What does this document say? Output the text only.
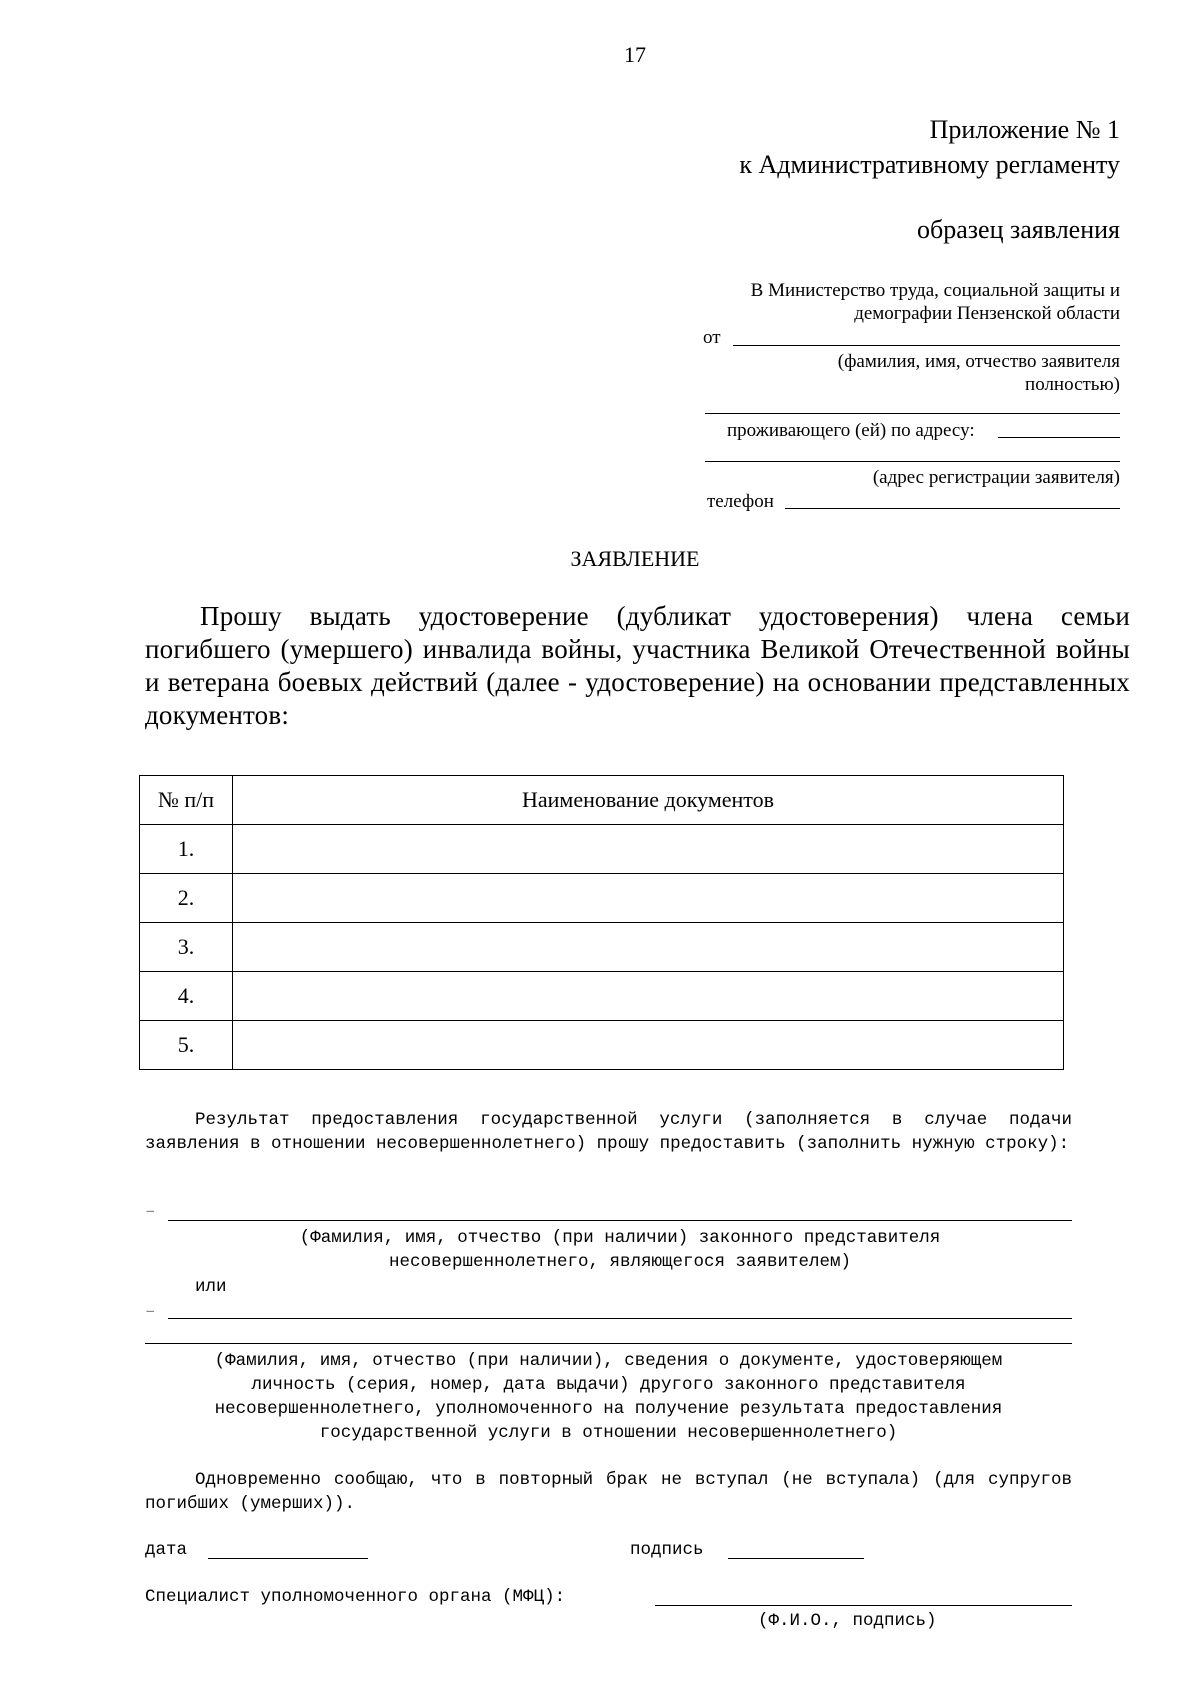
17
Приложение № 1
к Административному регламенту
образец заявления
В Министерство труда, социальной защиты и
демографии Пензенской области
от
(фамилия, имя, отчество заявителя
полностью)
проживающего (ей) по адресу:
(адрес регистрации заявителя)
телефон
ЗАЯВЛЕНИЕ
Прошу выдать удостоверение (дубликат удостоверения) члена семьи погибшего (умершего) инвалида войны, участника Великой Отечественной войны и ветерана боевых действий (далее - удостоверение) на основании представленных документов:
№ п/п	Наименование документов
1.	
2.	
3.	
4.	
5.	
Результат предоставления государственной услуги (заполняется в случае подачи заявления в отношении несовершеннолетнего) прошу предоставить (заполнить нужную строку):
–
(Фамилия, имя, отчество (при наличии) законного представителя
несовершеннолетнего, являющегося заявителем)
или
–
(Фамилия, имя, отчество (при наличии), сведения о документе, удостоверяющем
личность (серия, номер, дата выдачи) другого законного представителя
несовершеннолетнего, уполномоченного на получение результата предоставления
государственной услуги в отношении несовершеннолетнего)
Одновременно сообщаю, что в повторный брак не вступал (не вступала) (для супругов погибших (умерших)).
дата	подпись
Специалист уполномоченного органа (МФЦ):
(Ф.И.О., подпись)
